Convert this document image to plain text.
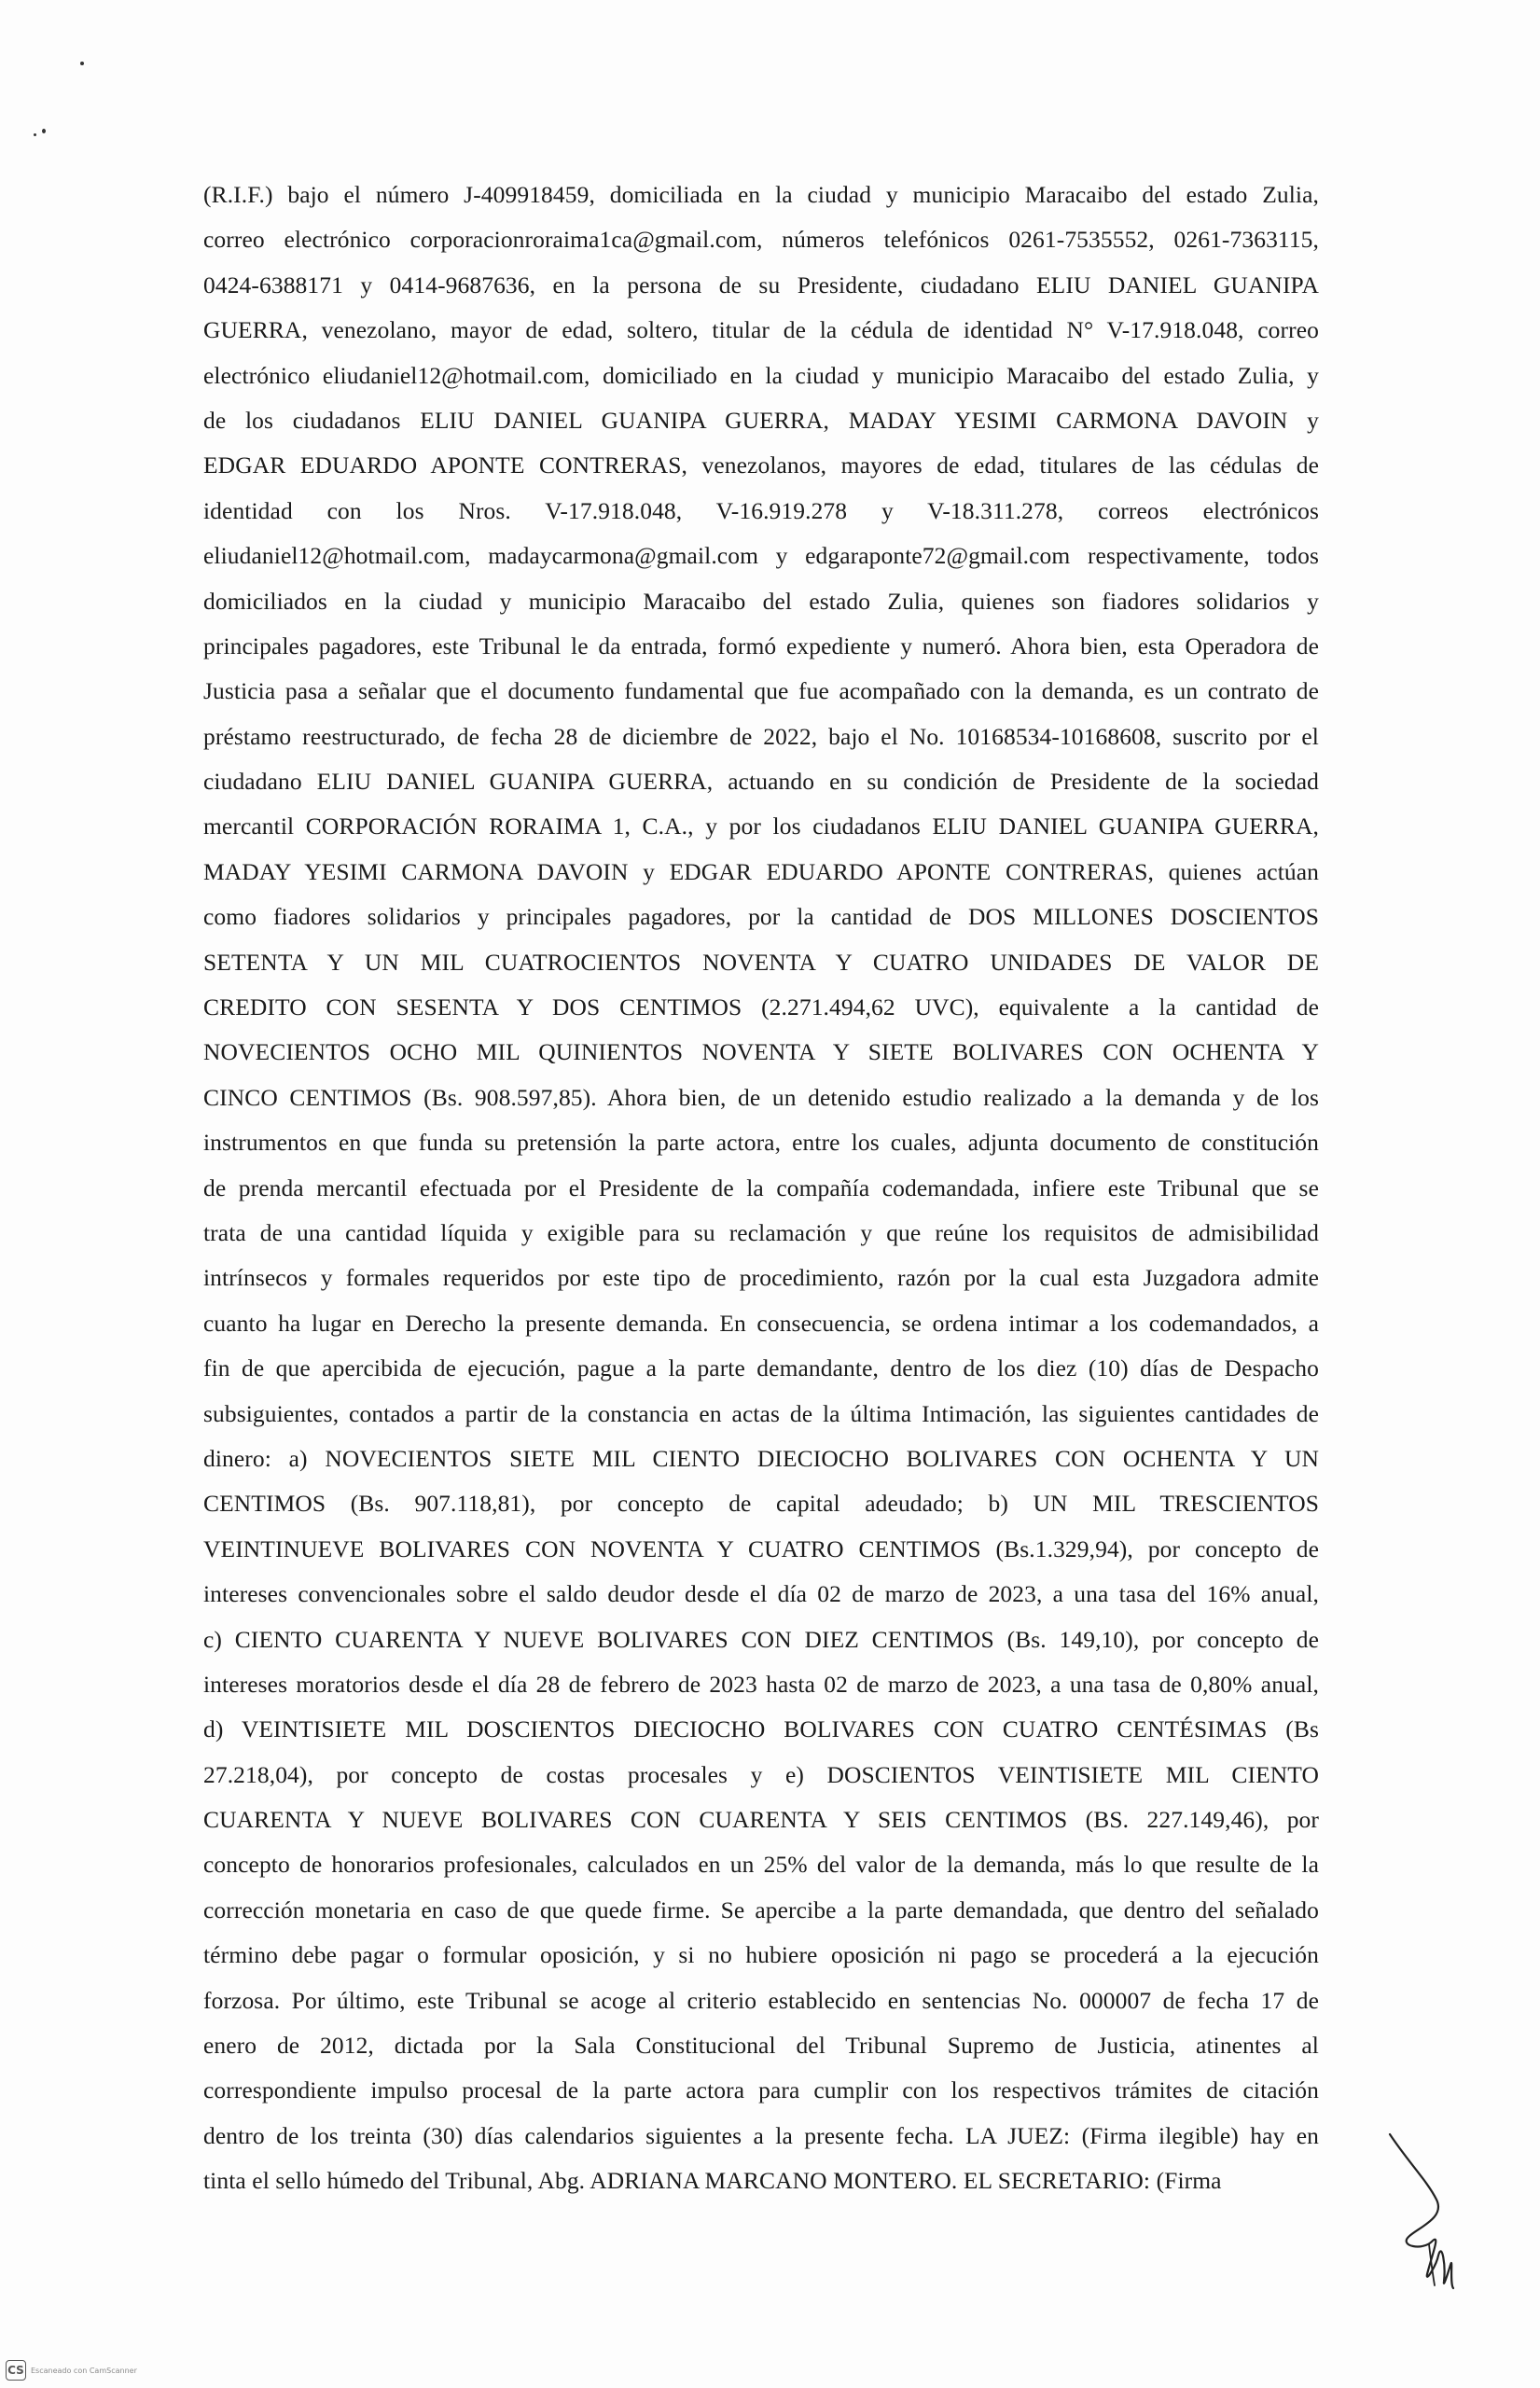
(R.I.F.) bajo el número J-409918459, domiciliada en la ciudad y municipio Maracaibo del estado Zulia,
correo electrónico corporacionroraima1ca@gmail.com, números telefónicos 0261-7535552, 0261-7363115,
0424-6388171 y 0414-9687636, en la persona de su Presidente, ciudadano ELIU DANIEL GUANIPA
GUERRA, venezolano, mayor de edad, soltero, titular de la cédula de identidad N° V-17.918.048, correo
electrónico eliudaniel12@hotmail.com, domiciliado en la ciudad y municipio Maracaibo del estado Zulia, y
de los ciudadanos ELIU DANIEL GUANIPA GUERRA, MADAY YESIMI CARMONA DAVOIN y
EDGAR EDUARDO APONTE CONTRERAS, venezolanos, mayores de edad, titulares de las cédulas de
identidad con los Nros. V-17.918.048, V-16.919.278 y V-18.311.278, correos electrónicos
eliudaniel12@hotmail.com, madaycarmona@gmail.com y edgaraponte72@gmail.com respectivamente, todos
domiciliados en la ciudad y municipio Maracaibo del estado Zulia, quienes son fiadores solidarios y
principales pagadores, este Tribunal le da entrada, formó expediente y numeró. Ahora bien, esta Operadora de
Justicia pasa a señalar que el documento fundamental que fue acompañado con la demanda, es un contrato de
préstamo reestructurado, de fecha 28 de diciembre de 2022, bajo el No. 10168534-10168608, suscrito por el
ciudadano ELIU DANIEL GUANIPA GUERRA, actuando en su condición de Presidente de la sociedad
mercantil CORPORACIÓN RORAIMA 1, C.A., y por los ciudadanos ELIU DANIEL GUANIPA GUERRA,
MADAY YESIMI CARMONA DAVOIN y EDGAR EDUARDO APONTE CONTRERAS, quienes actúan
como fiadores solidarios y principales pagadores, por la cantidad de DOS MILLONES DOSCIENTOS
SETENTA Y UN MIL CUATROCIENTOS NOVENTA Y CUATRO UNIDADES DE VALOR DE
CREDITO CON SESENTA Y DOS CENTIMOS (2.271.494,62 UVC), equivalente a la cantidad de
NOVECIENTOS OCHO MIL QUINIENTOS NOVENTA Y SIETE BOLIVARES CON OCHENTA Y
CINCO CENTIMOS (Bs. 908.597,85). Ahora bien, de un detenido estudio realizado a la demanda y de los
instrumentos en que funda su pretensión la parte actora, entre los cuales, adjunta documento de constitución
de prenda mercantil efectuada por el Presidente de la compañía codemandada, infiere este Tribunal que se
trata de una cantidad líquida y exigible para su reclamación y que reúne los requisitos de admisibilidad
intrínsecos y formales requeridos por este tipo de procedimiento, razón por la cual esta Juzgadora admite
cuanto ha lugar en Derecho la presente demanda. En consecuencia, se ordena intimar a los codemandados, a
fin de que apercibida de ejecución, pague a la parte demandante, dentro de los diez (10) días de Despacho
subsiguientes, contados a partir de la constancia en actas de la última Intimación, las siguientes cantidades de
dinero: a) NOVECIENTOS SIETE MIL CIENTO DIECIOCHO BOLIVARES CON OCHENTA Y UN
CENTIMOS (Bs. 907.118,81), por concepto de capital adeudado; b) UN MIL TRESCIENTOS
VEINTINUEVE BOLIVARES CON NOVENTA Y CUATRO CENTIMOS (Bs.1.329,94), por concepto de
intereses convencionales sobre el saldo deudor desde el día 02 de marzo de 2023, a una tasa del 16% anual,
c) CIENTO CUARENTA Y NUEVE BOLIVARES CON DIEZ CENTIMOS (Bs. 149,10), por concepto de
intereses moratorios desde el día 28 de febrero de 2023 hasta 02 de marzo de 2023, a una tasa de 0,80% anual,
d) VEINTISIETE MIL DOSCIENTOS DIECIOCHO BOLIVARES CON CUATRO CENTÉSIMAS (Bs
27.218,04), por concepto de costas procesales y e) DOSCIENTOS VEINTISIETE MIL CIENTO
CUARENTA Y NUEVE BOLIVARES CON CUARENTA Y SEIS CENTIMOS (BS. 227.149,46), por
concepto de honorarios profesionales, calculados en un 25% del valor de la demanda, más lo que resulte de la
corrección monetaria en caso de que quede firme. Se apercibe a la parte demandada, que dentro del señalado
término debe pagar o formular oposición, y si no hubiere oposición ni pago se procederá a la ejecución
forzosa. Por último, este Tribunal se acoge al criterio establecido en sentencias No. 000007 de fecha 17 de
enero de 2012, dictada por la Sala Constitucional del Tribunal Supremo de Justicia, atinentes al
correspondiente impulso procesal de la parte actora para cumplir con los respectivos trámites de citación
dentro de los treinta (30) días calendarios siguientes a la presente fecha. LA JUEZ: (Firma ilegible) hay en
tinta el sello húmedo del Tribunal, Abg. ADRIANA MARCANO MONTERO. EL SECRETARIO: (Firma
CS Escaneado con CamScanner
